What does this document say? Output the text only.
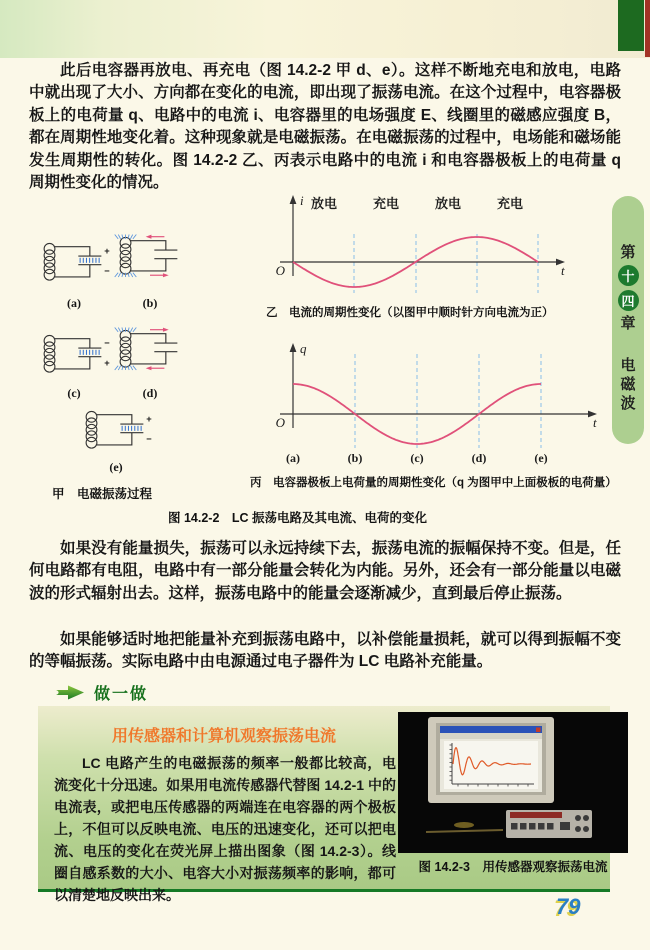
第
十
四
章
电磁波

此后电容器再放电、再充电（图 14.2-2 甲 d、e）。这样不断地充电和放电，电路中就出现了大小、方向都在变化的电流，即出现了振荡电流。在这个过程中，电容器极板上的电荷量 q、电路中的电流 i、电容器里的电场强度 E、线圈里的磁感应强度 B，都在周期性地变化着。这种现象就是电磁振荡。在电磁振荡的过程中，电场能和磁场能发生周期性的转化。图 14.2-2 乙、丙表示电路中的电流 i 和电容器极板上的电荷量 q 周期性变化的情况。

+
−
+
−
+
−
(a)	(b)
(c)	(d)
(e)
甲　电磁振荡过程
O	t
i 放电	充电	放电	充电
乙　电流的周期性变化（以图甲中顺时针方向电流为正）
O	t
q
(a)	(b)	(c)	(d)	(e)
丙　电容器极板上电荷量的周期性变化（q 为图甲中上面极板的电荷量）
图 14.2-2　LC 振荡电路及其电流、电荷的变化

如果没有能量损失，振荡可以永远持续下去，振荡电流的振幅保持不变。但是，任何电路都有电阻，电路中有一部分能量会转化为内能。另外，还会有一部分能量以电磁波的形式辐射出去。这样，振荡电路中的能量会逐渐减少，直到最后停止振荡。

如果能够适时地把能量补充到振荡电路中，以补偿能量损耗，就可以得到振幅不变的等幅振荡。实际电路中由电源通过电子器件为 LC 电路补充能量。

做一做
用传感器和计算机观察振荡电流

LC 电路产生的电磁振荡的频率一般都比较高，电流变化十分迅速。如果用电流传感器代替图 14.2-1 中的电流表，或把电压传感器的两端连在电容器的两个极板上，不但可以反映电流、电压的迅速变化，还可以把电流、电压的变化在荧光屏上描出图象（图 14.2-3）。线圈自感系数的大小、电容大小对振荡频率的影响，都可以清楚地反映出来。

图 14.2-3　用传感器观察振荡电流
79
